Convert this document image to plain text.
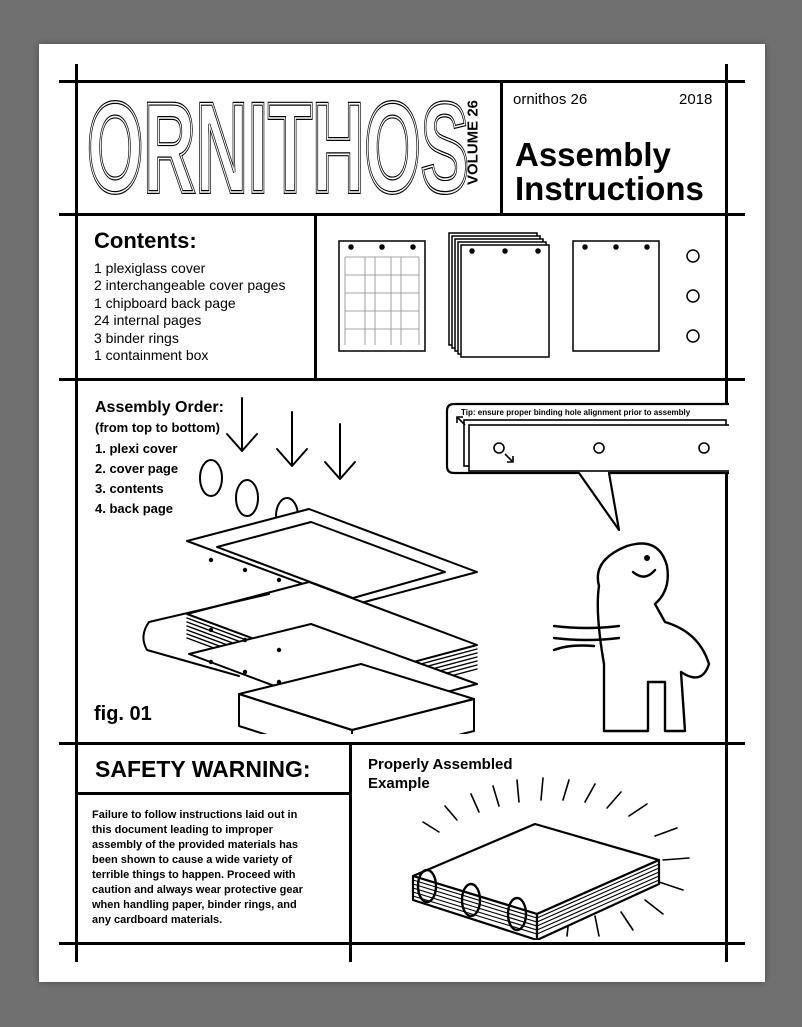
ORNITHOS
ORNITHOS
VOLUME 26
ornithos 26	2018
Assembly
Instructions
Contents:
1 plexiglass cover
2 interchangeable cover pages
1 chipboard back page
24 internal pages
3 binder rings
1 containment box
Assembly Order:
(from top to bottom)
1. plexi cover
2. cover page
3. contents
4. back page
fig. 01
Tip: ensure proper binding hole alignment prior to assembly
SAFETY WARNING:
Failure to follow instructions laid out in
this document leading to improper
assembly of the provided materials has
been shown to cause a wide variety of
terrible things to happen. Proceed with
caution and always wear protective gear
when handling paper, binder rings, and
any cardboard materials.
Properly Assembled
Example
